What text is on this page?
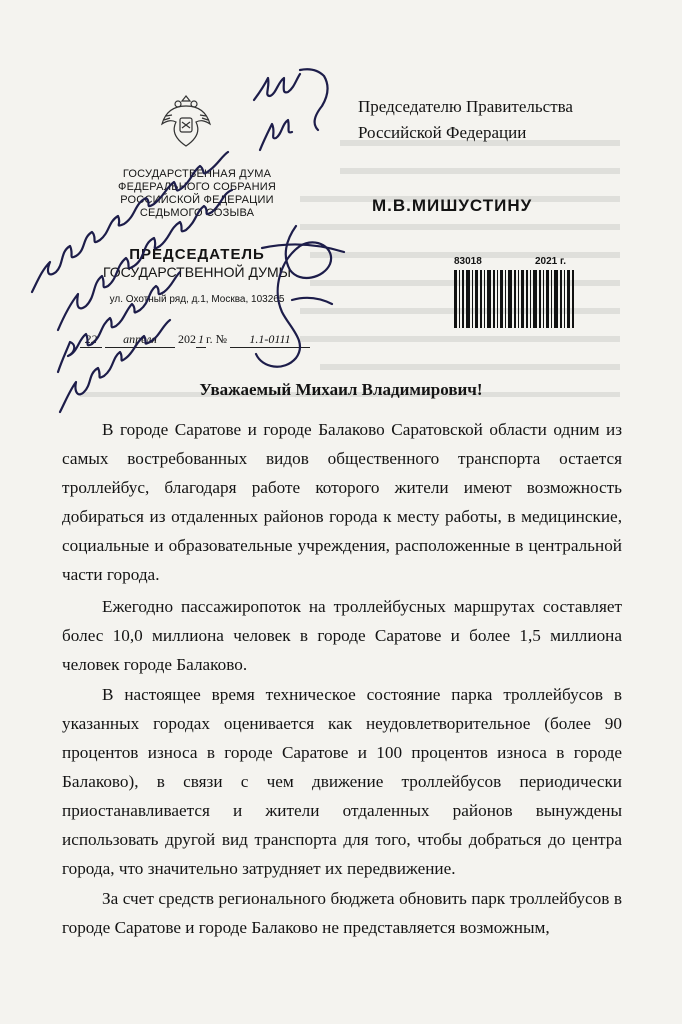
ГОСУДАРСТВЕННАЯ ДУМА
ФЕДЕРАЛЬНОГО СОБРАНИЯ
РОССИЙСКОЙ ФЕДЕРАЦИИ
СЕДЬМОГО СОЗЫВА
ПРЕДСЕДАТЕЛЬ
ГОСУДАРСТВЕННОЙ ДУМЫ
ул. Охотный ряд, д.1, Москва, 103265
22 апреля 202 1 г. № 1.1-0111
Председателю Правительства
Российской Федерации
М.В.МИШУСТИНУ
83018	2021 г.
Уважаемый Михаил Владимирович!

В городе Саратове и городе Балаково Саратовской области одним из самых востребованных видов общественного транспорта остается троллейбус, благодаря работе которого жители имеют возможность добираться из отдаленных районов города к месту работы, в медицинские, социальные и образовательные учреждения, расположенные в центральной части города.

Ежегодно пассажиропоток на троллейбусных маршрутах составляет болес 10,0 миллиона человек в городе Саратове и более 1,5 миллиона человек городе Балаково.

В настоящее время техническое состояние парка троллейбусов в указанных городах оценивается как неудовлетворительное (более 90 процентов износа в городе Саратове и 100 процентов износа в городе Балаково), в связи с чем движение троллейбусов периодически приостанавливается и жители отдаленных районов вынуждены использовать другой вид транспорта для того, чтобы добраться до центра города, что значительно затрудняет их передвижение.

За счет средств регионального бюджета обновить парк троллейбусов в городе Саратове и городе Балаково не представляется возможным,
